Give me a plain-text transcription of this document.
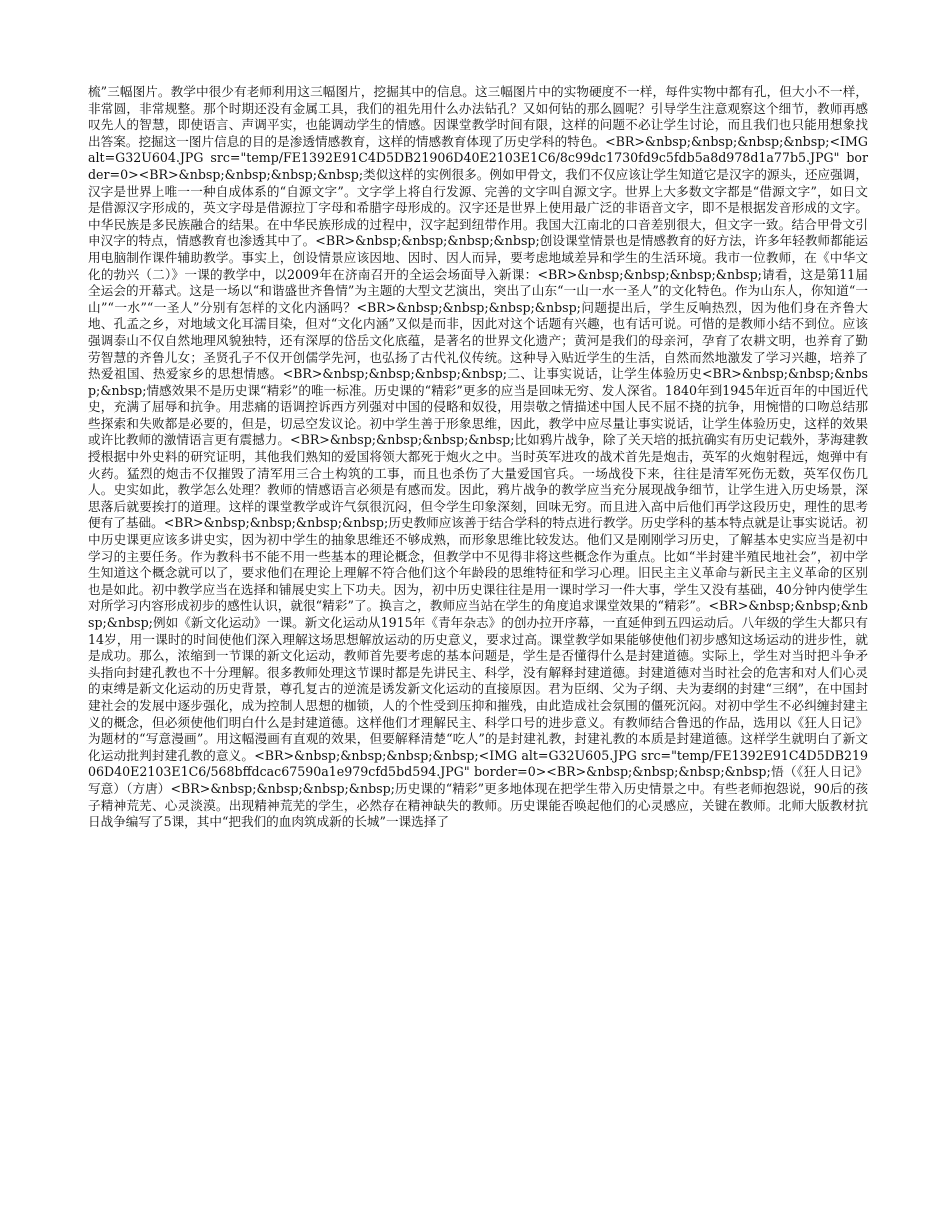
梳”三幅图片。教学中很少有老师利用这三幅图片，挖掘其中的信息。这三幅图片中的实物硬度不一样，每件实物中都有孔，但大小不一样，非常圆，非常规整。那个时期还没有金属工具，我们的祖先用什么办法钻孔？又如何钻的那么圆呢？引导学生注意观察这个细节，教师再感叹先人的智慧，即使语言、声调平实，也能调动学生的情感。因课堂教学时间有限，这样的问题不必让学生讨论，而且我们也只能用想象找出答案。挖掘这一图片信息的目的是渗透情感教育，这样的情感教育体现了历史学科的特色。<BR>&nbsp;&nbsp;&nbsp;&nbsp;<IMG alt=G32U604.JPG src="temp/FE1392E91C4D5DB21906D40E2103E1C6/8c99dc1730fd9c5fdb5a8d978d1a77b5.JPG" border=0><BR>&nbsp;&nbsp;&nbsp;&nbsp;类似这样的实例很多。例如甲骨文，我们不仅应该让学生知道它是汉字的源头，还应强调，汉字是世界上唯一一种自成体系的“自源文字”。文字学上将自行发源、完善的文字叫自源文字。世界上大多数文字都是“借源文字”，如日文是借源汉字形成的，英文字母是借源拉丁字母和希腊字母形成的。汉字还是世界上使用最广泛的非语音文字，即不是根据发音形成的文字。中华民族是多民族融合的结果。在中华民族形成的过程中，汉字起到纽带作用。我国大江南北的口音差别很大，但文字一致。结合甲骨文引申汉字的特点，情感教育也渗透其中了。<BR>&nbsp;&nbsp;&nbsp;&nbsp;创设课堂情景也是情感教育的好方法，许多年轻教师都能运用电脑制作课件辅助教学。事实上，创设情景应该因地、因时、因人而异，要考虑地域差异和学生的生活环境。我市一位教师，在《中华文化的勃兴（二）》一课的教学中，以2009年在济南召开的全运会场面导入新课：<BR>&nbsp;&nbsp;&nbsp;&nbsp;请看，这是第11届全运会的开幕式。这是一场以“和谐盛世齐鲁情”为主题的大型文艺演出，突出了山东“一山一水一圣人”的文化特色。作为山东人，你知道“一山”“一水”“一圣人”分别有怎样的文化内涵吗？<BR>&nbsp;&nbsp;&nbsp;&nbsp;问题提出后，学生反响热烈，因为他们身在齐鲁大地、孔孟之乡，对地域文化耳濡目染，但对“文化内涵”又似是而非，因此对这个话题有兴趣，也有话可说。可惜的是教师小结不到位。应该强调泰山不仅自然地理风貌独特，还有深厚的岱岳文化底蕴，是著名的世界文化遗产；黄河是我们的母亲河，孕育了农耕文明，也养育了勤劳智慧的齐鲁儿女；圣贤孔子不仅开创儒学先河，也弘扬了古代礼仪传统。这种导入贴近学生的生活，自然而然地激发了学习兴趣，培养了热爱祖国、热爱家乡的思想情感。<BR>&nbsp;&nbsp;&nbsp;&nbsp;二、让事实说话，让学生体验历史<BR>&nbsp;&nbsp;&nbsp;&nbsp;情感效果不是历史课“精彩”的唯一标准。历史课的“精彩”更多的应当是回味无穷、发人深省。1840年到1945年近百年的中国近代史，充满了屈辱和抗争。用悲痛的语调控诉西方列强对中国的侵略和奴役，用崇敬之情描述中国人民不屈不挠的抗争，用惋惜的口吻总结那些探索和失败都是必要的，但是，切忌空发议论。初中学生善于形象思维，因此，教学中应尽量让事实说话，让学生体验历史，这样的效果或许比教师的激情语言更有震撼力。<BR>&nbsp;&nbsp;&nbsp;&nbsp;比如鸦片战争，除了关天培的抵抗确实有历史记载外，茅海建教授根据中外史料的研究证明，其他我们熟知的爱国将领大都死于炮火之中。当时英军进攻的战术首先是炮击，英军的火炮射程远，炮弹中有火药。猛烈的炮击不仅摧毁了清军用三合土构筑的工事，而且也杀伤了大量爱国官兵。一场战役下来，往往是清军死伤无数，英军仅伤几人。史实如此，教学怎么处理？教师的情感语言必须是有感而发。因此，鸦片战争的教学应当充分展现战争细节，让学生进入历史场景，深思落后就要挨打的道理。这样的课堂教学或许气氛很沉闷，但令学生印象深刻，回味无穷。而且进入高中后他们再学这段历史，理性的思考便有了基础。<BR>&nbsp;&nbsp;&nbsp;&nbsp;历史教师应该善于结合学科的特点进行教学。历史学科的基本特点就是让事实说话。初中历史课更应该多讲史实，因为初中学生的抽象思维还不够成熟，而形象思维比较发达。他们又是刚刚学习历史，了解基本史实应当是初中学习的主要任务。作为教科书不能不用一些基本的理论概念，但教学中不见得非将这些概念作为重点。比如“半封建半殖民地社会”，初中学生知道这个概念就可以了，要求他们在理论上理解不符合他们这个年龄段的思维特征和学习心理。旧民主主义革命与新民主主义革命的区别也是如此。初中教学应当在选择和铺展史实上下功夫。因为，初中历史课往往是用一课时学习一件大事，学生又没有基础，40分钟内使学生对所学习内容形成初步的感性认识，就很“精彩”了。换言之，教师应当站在学生的角度追求课堂效果的“精彩”。<BR>&nbsp;&nbsp;&nbsp;&nbsp;例如《新文化运动》一课。新文化运动从1915年《青年杂志》的创办拉开序幕，一直延伸到五四运动后。八年级的学生大都只有14岁，用一课时的时间使他们深入理解这场思想解放运动的历史意义，要求过高。课堂教学如果能够使他们初步感知这场运动的进步性，就是成功。那么，浓缩到一节课的新文化运动，教师首先要考虑的基本问题是，学生是否懂得什么是封建道德。实际上，学生对当时把斗争矛头指向封建孔教也不十分理解。很多教师处理这节课时都是先讲民主、科学，没有解释封建道德。封建道德对当时社会的危害和对人们心灵的束缚是新文化运动的历史背景，尊孔复古的逆流是诱发新文化运动的直接原因。君为臣纲、父为子纲、夫为妻纲的封建“三纲”，在中国封建社会的发展中逐步强化，成为控制人思想的枷锁，人的个性受到压抑和摧残，由此造成社会氛围的僵死沉闷。对初中学生不必纠缠封建主义的概念，但必须使他们明白什么是封建道德。这样他们才理解民主、科学口号的进步意义。有教师结合鲁迅的作品，选用以《狂人日记》为题材的“写意漫画”。用这幅漫画有直观的效果，但要解释清楚“吃人”的是封建礼教，封建礼教的本质是封建道德。这样学生就明白了新文化运动批判封建孔教的意义。<BR>&nbsp;&nbsp;&nbsp;&nbsp;<IMG alt=G32U605.JPG src="temp/FE1392E91C4D5DB21906D40E2103E1C6/568bffdcac67590a1e979cfd5bd594.JPG" border=0><BR>&nbsp;&nbsp;&nbsp;&nbsp;悟（《狂人日记》写意）（方唐）<BR>&nbsp;&nbsp;&nbsp;&nbsp;历史课的“精彩”更多地体现在把学生带入历史情景之中。有些老师抱怨说，90后的孩子精神荒芜、心灵淡漠。出现精神荒芜的学生，必然存在精神缺失的教师。历史课能否唤起他们的心灵感应，关键在教师。北师大版教材抗日战争编写了5课，其中“把我们的血肉筑成新的长城”一课选择了
